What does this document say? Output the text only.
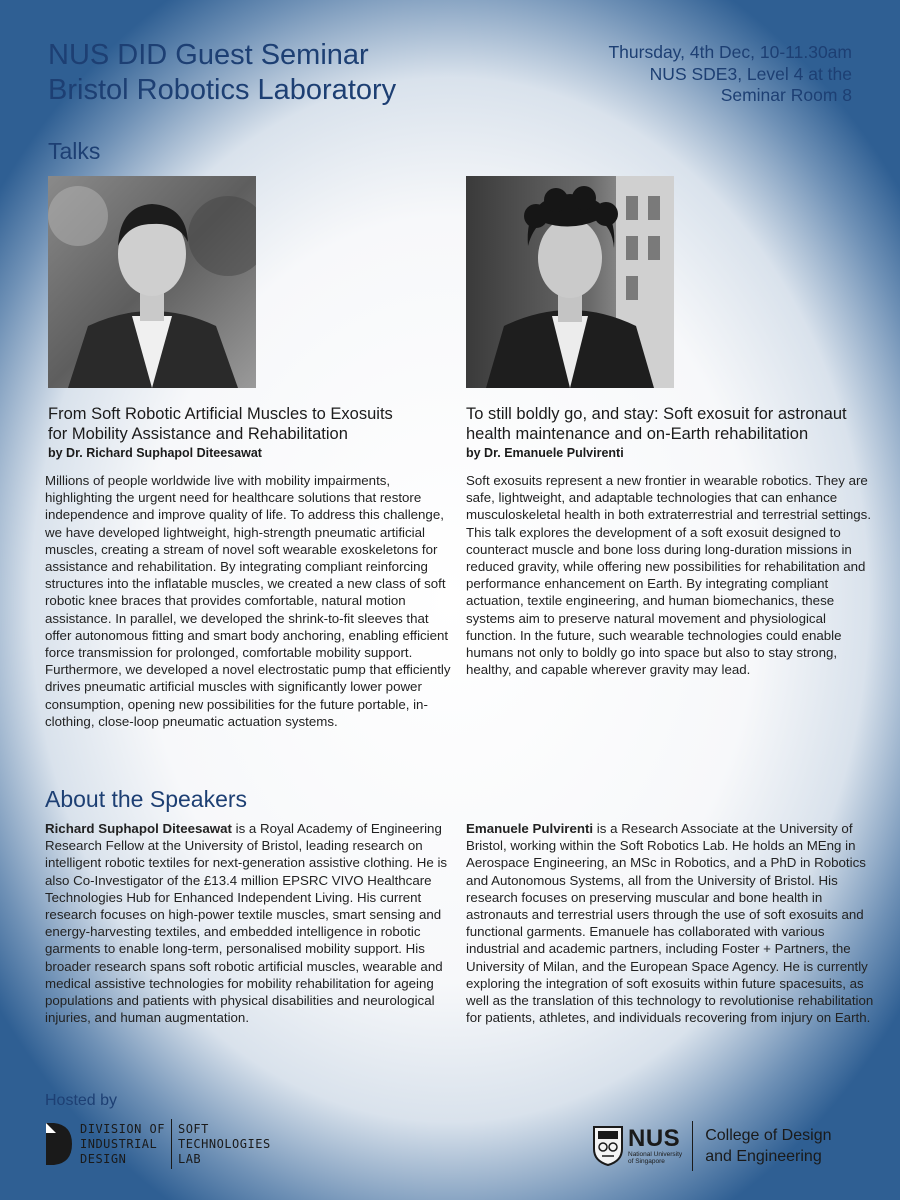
NUS DID Guest Seminar
Bristol Robotics Laboratory
Thursday, 4th Dec, 10-11.30am
NUS SDE3, Level 4 at the
Seminar Room 8
Talks
From Soft Robotic Artificial Muscles to Exosuits
for Mobility Assistance and Rehabilitation
by Dr. Richard Suphapol Diteesawat
Millions of people worldwide live with mobility impairments, highlighting the urgent need for healthcare solutions that restore independence and improve quality of life. To address this challenge, we have developed lightweight, high-strength pneumatic artificial muscles, creating a stream of novel soft wearable exoskeletons for assistance and rehabilitation. By integrating compliant reinforcing structures into the inflatable muscles, we created a new class of soft robotic knee braces that provides comfortable, natural motion assistance. In parallel, we developed the shrink-to-fit sleeves that offer autonomous fitting and smart body anchoring, enabling efficient force transmission for prolonged, comfortable mobility support. Furthermore, we developed a novel electrostatic pump that efficiently drives pneumatic artificial muscles with significantly lower power consumption, opening new possibilities for the future portable, in-clothing, close-loop pneumatic actuation systems.
To still boldly go, and stay: Soft exosuit for astronaut
health maintenance and on-Earth rehabilitation
by Dr. Emanuele Pulvirenti
Soft exosuits represent a new frontier in wearable robotics. They are safe, lightweight, and adaptable technologies that can enhance musculoskeletal health in both extraterrestrial and terrestrial settings. This talk explores the development of a soft exosuit designed to counteract muscle and bone loss during long-duration missions in reduced gravity, while offering new possibilities for rehabilitation and performance enhancement on Earth. By integrating compliant actuation, textile engineering, and human biomechanics, these systems aim to preserve natural movement and physiological function. In the future, such wearable technologies could enable humans not only to boldly go into space but also to stay strong, healthy, and capable wherever gravity may lead.
About the Speakers
Richard Suphapol Diteesawat is a Royal Academy of Engineering Research Fellow at the University of Bristol, leading research on intelligent robotic textiles for next-generation assistive clothing. He is also Co-Investigator of the £13.4 million EPSRC VIVO Healthcare Technologies Hub for Enhanced Independent Living. His current research focuses on high-power textile muscles, smart sensing and energy-harvesting textiles, and embedded intelligence in robotic garments to enable long-term, personalised mobility support. His broader research spans soft robotic artificial muscles, wearable and medical assistive technologies for mobility rehabilitation for ageing populations and patients with physical disabilities and neurological injuries, and human augmentation.
Emanuele Pulvirenti is a Research Associate at the University of Bristol, working within the Soft Robotics Lab. He holds an MEng in Aerospace Engineering, an MSc in Robotics, and a PhD in Robotics and Autonomous Systems, all from the University of Bristol. His research focuses on preserving muscular and bone health in astronauts and terrestrial users through the use of soft exosuits and functional garments. Emanuele has collaborated with various industrial and academic partners, including Foster + Partners, the University of Milan, and the European Space Agency. He is currently exploring the integration of soft exosuits within future spacesuits, as well as the translation of this technology to revolutionise rehabilitation for patients, athletes, and individuals recovering from injury on Earth.
Hosted by
DIVISION OF
INDUSTRIAL
DESIGN
SOFT
TECHNOLOGIES
LAB
NUS
National University
of Singapore
College of Design
and Engineering
